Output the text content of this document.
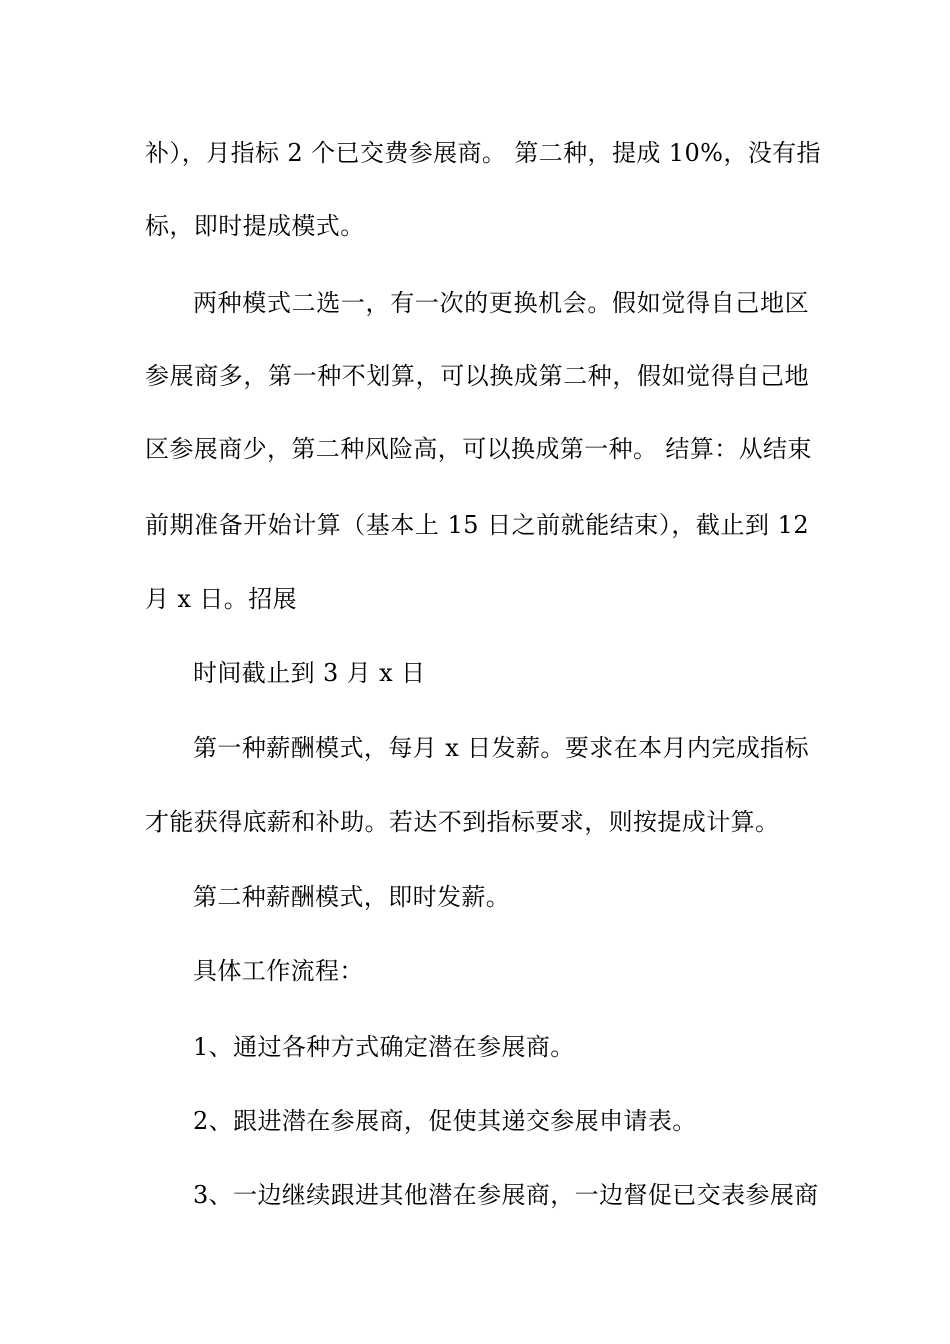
补），月指标 2 个已交费参展商。 第二种，提成 10%，没有指
标，即时提成模式。
两种模式二选一，有一次的更换机会。假如觉得自己地区
参展商多，第一种不划算，可以换成第二种，假如觉得自己地
区参展商少，第二种风险高，可以换成第一种。 结算：从结束
前期准备开始计算（基本上 15 日之前就能结束），截止到 12
月 x 日。招展
时间截止到 3 月 x 日
第一种薪酬模式，每月 x 日发薪。要求在本月内完成指标
才能获得底薪和补助。若达不到指标要求，则按提成计算。
第二种薪酬模式，即时发薪。
具体工作流程：
1、通过各种方式确定潜在参展商。
2、跟进潜在参展商，促使其递交参展申请表。
3、一边继续跟进其他潜在参展商，一边督促已交表参展商
